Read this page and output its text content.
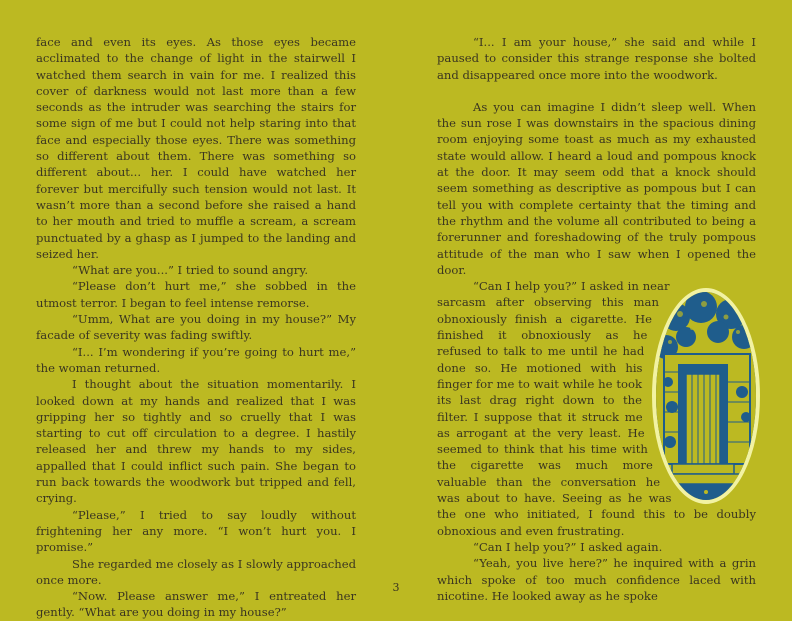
face and even its eyes. As those eyes became acclimated to the change of light in the stairwell I watched them search in vain for me. I realized this cover of darkness would not last more than a few seconds as the intruder was searching the stairs for some sign of me but I could not help staring into that face and especially those eyes. There was something so different about them. There was something so different about... her. I could have watched her forever but mercifully such tension would not last. It wasn’t more than a second before she raised a hand to her mouth and tried to muffle a scream, a scream punctuated by a ghasp as I jumped to the landing and seized her.

“What are you...” I tried to sound angry.

“Please don’t hurt me,” she sobbed in the utmost terror. I began to feel intense remorse.

“Umm, What are you doing in my house?” My facade of severity was fading swiftly.

“I... I’m wondering if you’re going to hurt me,” the woman returned.

I thought about the situation momentarily. I looked down at my hands and realized that I was gripping her so tightly and so cruelly that I was starting to cut off circulation to a degree. I hastily released her and threw my hands to my sides, appalled that I could inflict such pain. She began to run back towards the woodwork but tripped and fell, crying.

“Please,” I tried to say loudly without frightening her any more. “I won’t hurt you. I promise.”

She regarded me closely as I slowly approached once more.

“Now. Please answer me,” I entreated her gently. “What are you doing in my house?”

“I... I am your house,” she said and while I paused to consider this strange response she bolted and disappeared once more into the woodwork.

As you can imagine I didn’t sleep well. When the sun rose I was downstairs in the spacious dining room enjoying some toast as much as my exhausted state would allow. I heard a loud and pompous knock at the door. It may seem odd that a knock should seem something as descriptive as pompous but I can tell you with complete certainty that the timing and the rhythm and the volume all contributed to being a forerunner and foreshadowing of the truly pompous attitude of the man who I saw when I opened the door.

“Can I help you?” I asked in near sarcasm after observing this man obnoxiously finish a cigarette. He finished it obnoxiously as he refused to talk to me until he had done so. He motioned with his finger for me to wait while he took its last drag right down to the filter. I suppose that it struck me as arrogant at the very least. He seemed to think that his time with the cigarette was much more valuable than the conversation he was about to have. Seeing as he was the one who initiated, I found this to be doubly obnoxious and even frustrating.

“Can I help you?” I asked again.

“Yeah, you live here?” he inquired with a grin which spoke of too much confidence laced with nicotine. He looked away as he spoke

3
